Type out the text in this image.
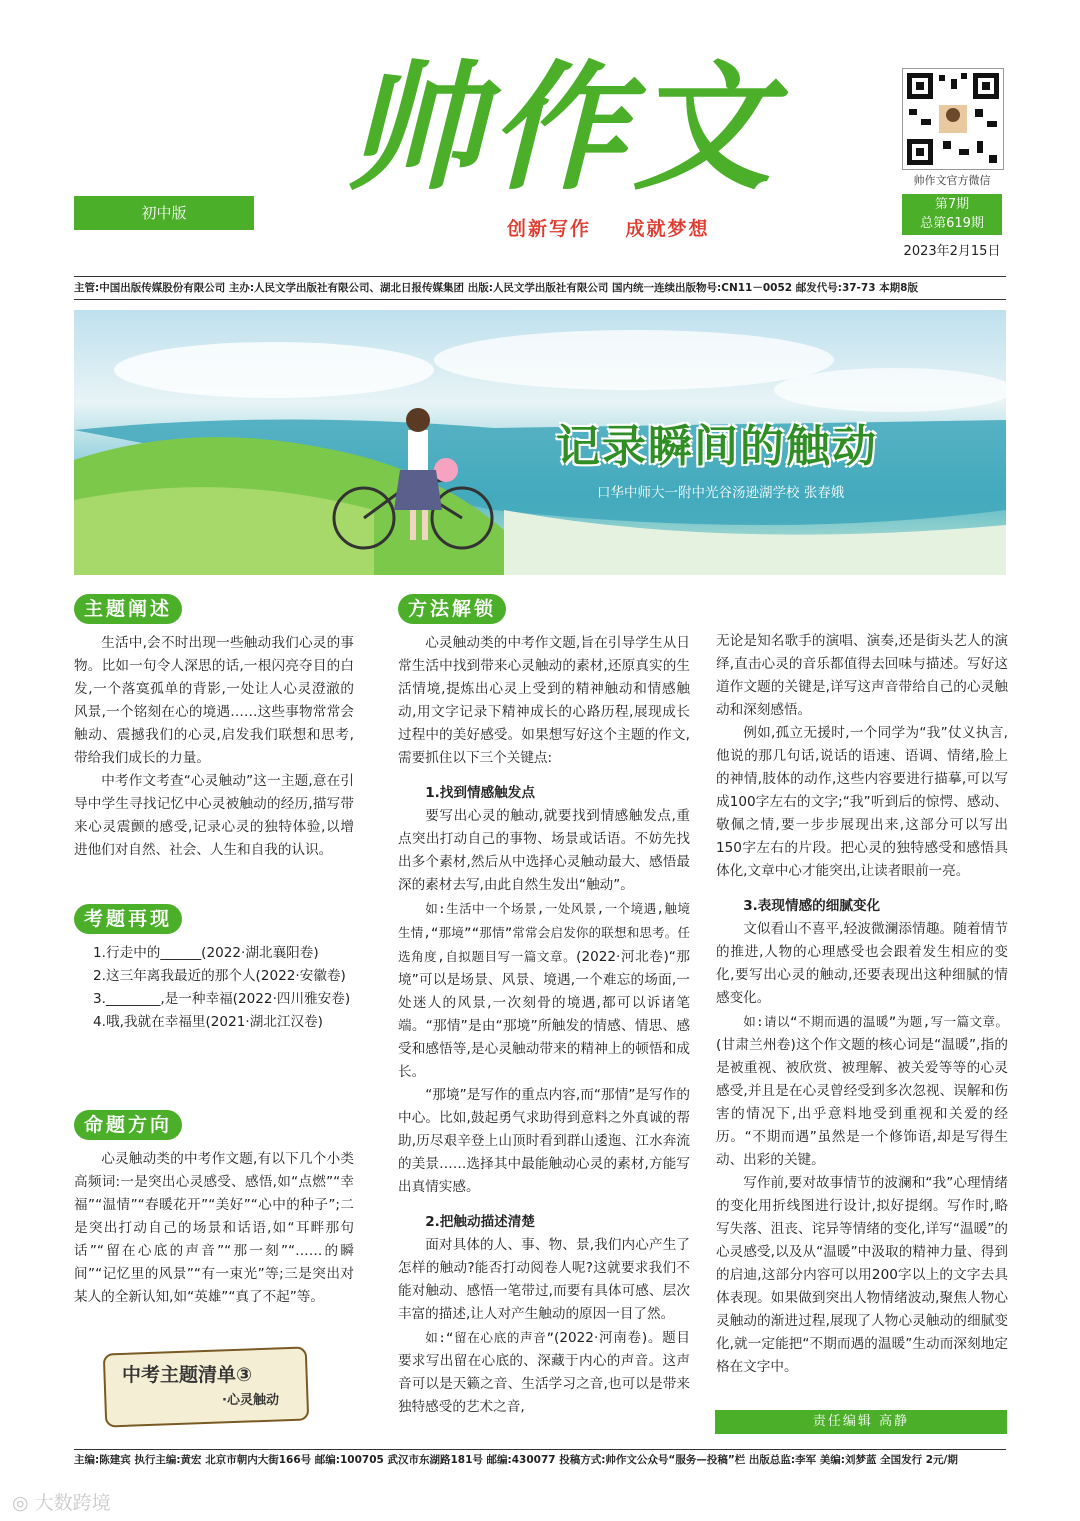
帅作文
初中版
创新写作    成就梦想
帅作文官方微信
第7期
总第619期
2023年2月15日
主管:中国出版传媒股份有限公司 主办:人民文学出版社有限公司、湖北日报传媒集团 出版:人民文学出版社有限公司 国内统一连续出版物号:CN11－0052 邮发代号:37-73 本期8版
记录瞬间的触动
口华中师大一附中光谷汤逊湖学校 张春娥
主题阐述

生活中,会不时出现一些触动我们心灵的事物。比如一句令人深思的话,一根闪亮夺目的白发,一个落寞孤单的背影,一处让人心灵澄澈的风景,一个铭刻在心的境遇……这些事物常常会触动、震撼我们的心灵,启发我们联想和思考,带给我们成长的力量。

中考作文考查“心灵触动”这一主题,意在引导中学生寻找记忆中心灵被触动的经历,描写带来心灵震颤的感受,记录心灵的独特体验,以增进他们对自然、社会、人生和自我的认识。

考题再现

1.行走中的______(2022·湖北襄阳卷)

2.这三年离我最近的那个人(2022·安徽卷)

3.________,是一种幸福(2022·四川雅安卷)

4.哦,我就在幸福里(2021·湖北江汉卷)

命题方向

心灵触动类的中考作文题,有以下几个小类高频词:一是突出心灵感受、感悟,如“点燃”“幸福”“温情”“春暖花开”“美好”“心中的种子”;二是突出打动自己的场景和话语,如“耳畔那句话”“留在心底的声音”“那一刻”“……的瞬间”“记忆里的风景”“有一束光”等;三是突出对某人的全新认知,如“英雄”“真了不起”等。

中考主题清单③
·心灵触动
方法解锁

心灵触动类的中考作文题,旨在引导学生从日常生活中找到带来心灵触动的素材,还原真实的生活情境,提炼出心灵上受到的精神触动和情感触动,用文字记录下精神成长的心路历程,展现成长过程中的美好感受。如果想写好这个主题的作文,需要抓住以下三个关键点:

1.找到情感触发点

要写出心灵的触动,就要找到情感触发点,重点突出打动自己的事物、场景或话语。不妨先找出多个素材,然后从中选择心灵触动最大、感悟最深的素材去写,由此自然生发出“触动”。

如:生活中一个场景,一处风景,一个境遇,触境生情,“那境”“那情”常常会启发你的联想和思考。任选角度,自拟题目写一篇文章。(2022·河北卷)“那境”可以是场景、风景、境遇,一个难忘的场面,一处迷人的风景,一次刻骨的境遇,都可以诉诸笔端。“那情”是由“那境”所触发的情感、情思、感受和感悟等,是心灵触动带来的精神上的顿悟和成长。

“那境”是写作的重点内容,而“那情”是写作的中心。比如,鼓起勇气求助得到意料之外真诚的帮助,历尽艰辛登上山顶时看到群山逶迤、江水奔流的美景……选择其中最能触动心灵的素材,方能写出真情实感。

2.把触动描述清楚

面对具体的人、事、物、景,我们内心产生了怎样的触动?能否打动阅卷人呢?这就要求我们不能对触动、感悟一笔带过,而要有具体可感、层次丰富的描述,让人对产生触动的原因一目了然。

如:“留在心底的声音”(2022·河南卷)。题目要求写出留在心底的、深藏于内心的声音。这声音可以是天籁之音、生活学习之音,也可以是带来独特感受的艺术之音,

无论是知名歌手的演唱、演奏,还是街头艺人的演绎,直击心灵的音乐都值得去回味与描述。写好这道作文题的关键是,详写这声音带给自己的心灵触动和深刻感悟。

例如,孤立无援时,一个同学为“我”仗义执言,他说的那几句话,说话的语速、语调、情绪,脸上的神情,肢体的动作,这些内容要进行描摹,可以写成100字左右的文字;“我”听到后的惊愕、感动、敬佩之情,要一步步展现出来,这部分可以写出150字左右的片段。把心灵的独特感受和感悟具体化,文章中心才能突出,让读者眼前一亮。

3.表现情感的细腻变化

文似看山不喜平,轻波微澜添情趣。随着情节的推进,人物的心理感受也会跟着发生相应的变化,要写出心灵的触动,还要表现出这种细腻的情感变化。

如:请以“不期而遇的温暖”为题,写一篇文章。(甘肃兰州卷)这个作文题的核心词是“温暖”,指的是被重视、被欣赏、被理解、被关爱等等的心灵感受,并且是在心灵曾经受到多次忽视、误解和伤害的情况下,出乎意料地受到重视和关爱的经历。“不期而遇”虽然是一个修饰语,却是写得生动、出彩的关键。

写作前,要对故事情节的波澜和“我”心理情绪的变化用折线图进行设计,拟好提纲。写作时,略写失落、沮丧、诧异等情绪的变化,详写“温暖”的心灵感受,以及从“温暖”中汲取的精神力量、得到的启迪,这部分内容可以用200字以上的文字去具体表现。如果做到突出人物情绪波动,聚焦人物心灵触动的渐进过程,展现了人物心灵触动的细腻变化,就一定能把“不期而遇的温暖”生动而深刻地定格在文字中。

责任编辑 高静
主编:陈建宾 执行主编:黄宏 北京市朝内大街166号 邮编:100705 武汉市东湖路181号 邮编:430077 投稿方式:帅作文公众号“服务—投稿”栏 出版总监:李军 美编:刘梦蓝 全国发行 2元/期
◎ 大数跨境
